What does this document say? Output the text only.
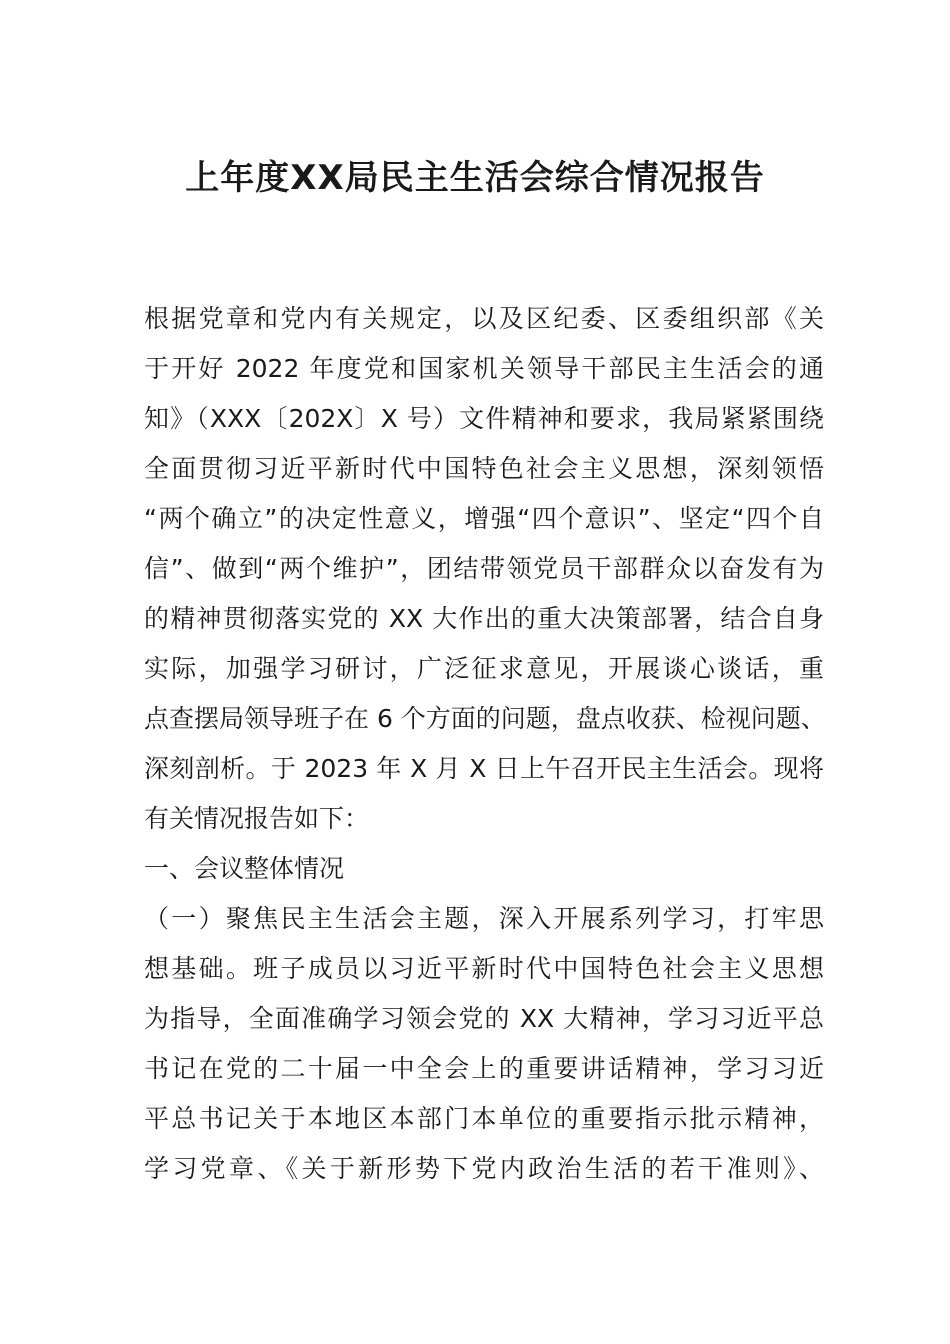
上年度XX局民主生活会综合情况报告
根据党章和党内有关规定，以及区纪委、区委组织部《关
于开好 2022 年度党和国家机关领导干部民主生活会的通
知》（XXX〔202X〕X 号）文件精神和要求，我局紧紧围绕
全面贯彻习近平新时代中国特色社会主义思想，深刻领悟
“两个确立”的决定性意义，增强“四个意识”、坚定“四个自
信”、做到“两个维护”，团结带领党员干部群众以奋发有为
的精神贯彻落实党的 XX 大作出的重大决策部署，结合自身
实际，加强学习研讨，广泛征求意见，开展谈心谈话，重
点查摆局领导班子在 6 个方面的问题，盘点收获、检视问题、
深刻剖析。于 2023 年 X 月 X 日上午召开民主生活会。现将
有关情况报告如下：
一、会议整体情况
（一）聚焦民主生活会主题，深入开展系列学习，打牢思
想基础。班子成员以习近平新时代中国特色社会主义思想
为指导，全面准确学习领会党的 XX 大精神，学习习近平总
书记在党的二十届一中全会上的重要讲话精神，学习习近
平总书记关于本地区本部门本单位的重要指示批示精神，
学习党章、《关于新形势下党内政治生活的若干准则》、
